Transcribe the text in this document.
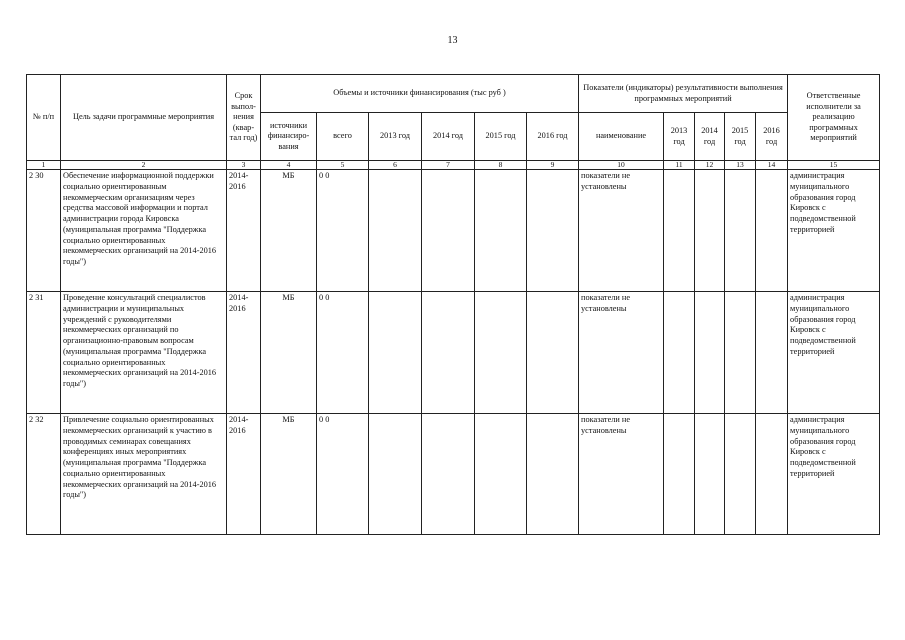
13
№ п/п	Цель задачи программные мероприятия	Срок выпол-нения (квар-тал год)	Объемы и источники финансирования (тыс руб )						Показатели (индикаторы) результативности выполнения программных мероприятий					Ответственные исполнители за реализацию программных мероприятий
			источники финансиро-вания	всего	2013 год	2014 год	2015 год	2016 год	наименование	2013 год	2014 год	2015 год	2016 год	
1	2	3	4	5	6	7	8	9	10	11	12	13	14	15
2 30	Обеспечение информационной поддержки социально ориентированным некоммерческим организациям через средства массовой информации и портал администрации города Кировска (муниципальная программа "Поддержка социально ориентированных некоммерческих организаций на 2014-2016 годы")	2014-2016	МБ	0 0					показатели не установлены					администрация муниципального образования город Кировск с подведомственной территорией
2 31	Проведение консультаций специалистов администрации и муниципальных учреждений с руководителями некоммерческих организаций по организационно-правовым вопросам (муниципальная программа "Поддержка социально ориентированных некоммерческих организаций на 2014-2016 годы")	2014-2016	МБ	0 0					показатели не установлены					администрация муниципального образования город Кировск с подведомственной территорией
2 32	Привлечение социально ориентированных некоммерческих организаций к участию в проводимых семинарах совещаниях конференциях иных мероприятиях (муниципальная программа "Поддержка социально ориентированных некоммерческих организаций на 2014-2016 годы")	2014-2016	МБ	0 0					показатели не установлены					администрация муниципального образования город Кировск с подведомственной территорией
